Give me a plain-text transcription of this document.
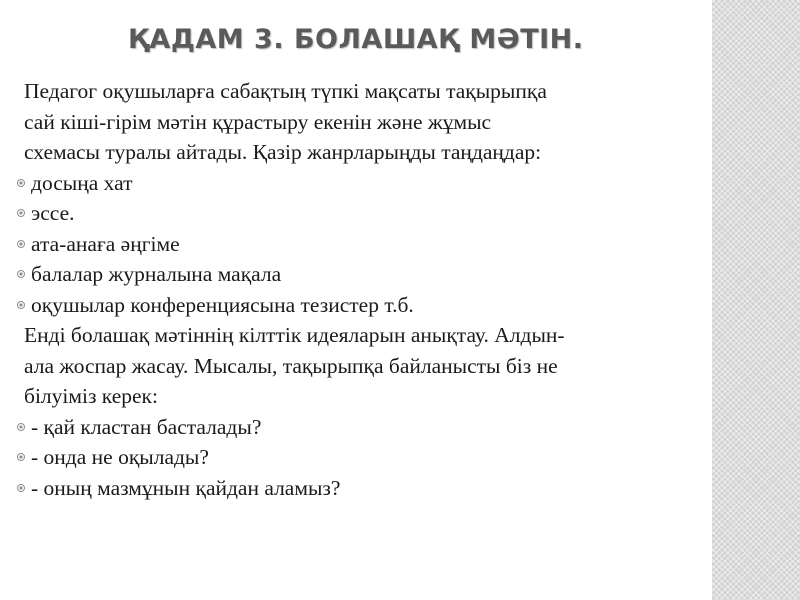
ҚАДАМ 3. БОЛАШАҚ МӘТІН.
Педагог оқушыларға сабақтың түпкі мақсаты тақырыпқа
сай кіші-гірім мәтін құрастыру екенін және жұмыс
схемасы туралы айтады. Қазір жанрларыңды таңдаңдар:
досыңа хат
эссе.
ата-анаға әңгіме
балалар журналына мақала
оқушылар конференциясына тезистер т.б.
Енді болашақ мәтіннің кілттік идеяларын анықтау. Алдын-
ала жоспар жасау. Мысалы, тақырыпқа байланысты біз не
білуіміз керек:
- қай кластан басталады?
- онда не оқылады?
- оның мазмұнын қайдан аламыз?
